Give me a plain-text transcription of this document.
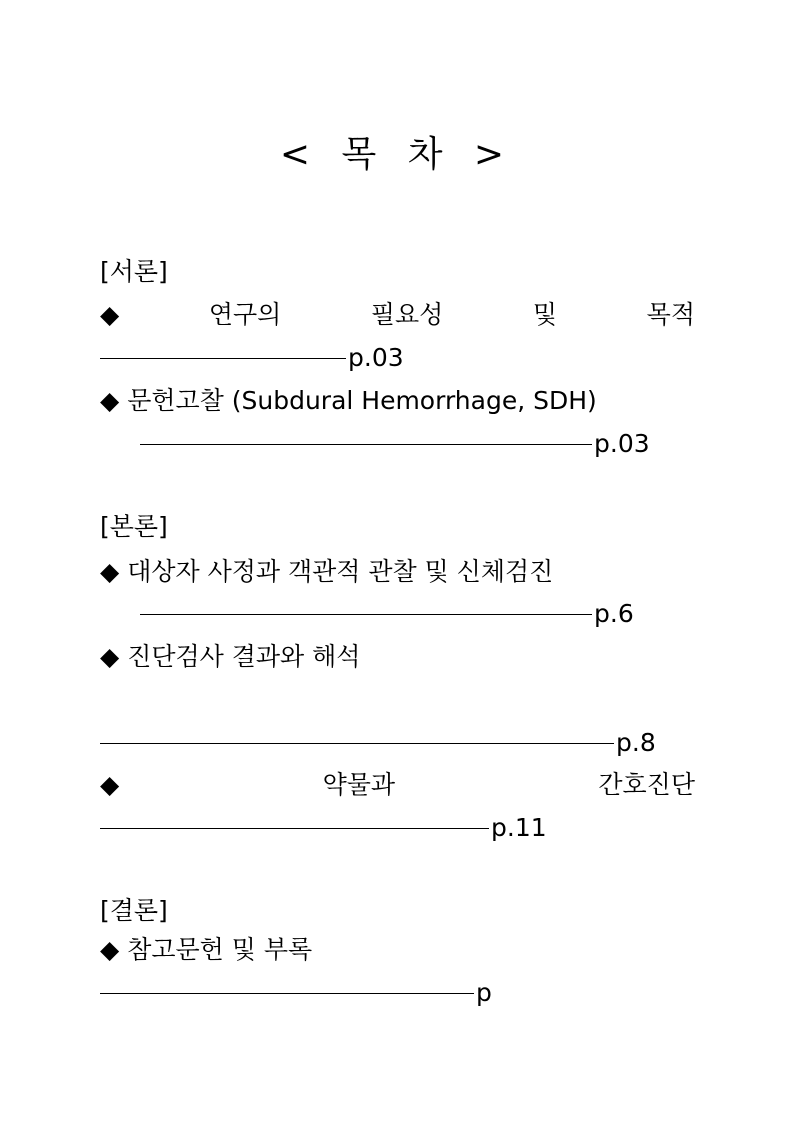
< 목 차 >
[서론]
◆	연구의	필요성	및	목적
p.03
◆ 문헌고찰 (Subdural Hemorrhage, SDH)
p.03
[본론]
◆ 대상자 사정과 객관적 관찰 및 신체검진
p.6
◆ 진단검사 결과와 해석
p.8
◆	약물과	간호진단
p.11
[결론]
◆ 참고문헌 및 부록
p
